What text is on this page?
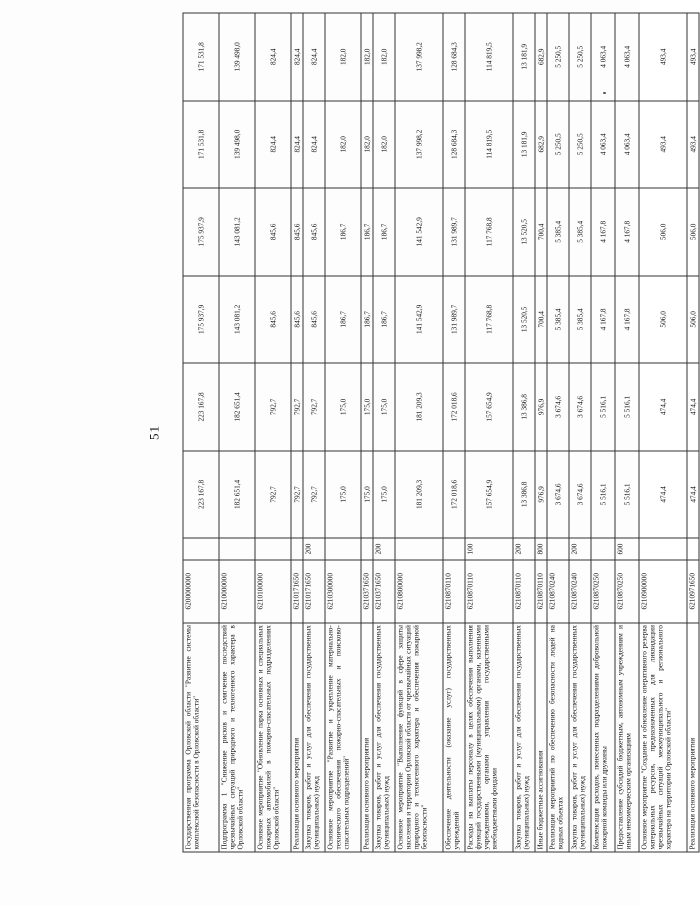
51
Государственная программа Орловской области "Развитие системы комплексной безопасности в Орловской области"	6200000000		223 167,8	223 167,8	175 937,9	175 937,9	171 531,8	171 531,8
Подпрограмма 1 "Снижение рисков и смягчение последствий чрезвычайных ситуаций природного и техногенного характера в Орловской области"	6210000000		182 651,4	182 651,4	143 081,2	143 081,2	139 498,0	139 498,0
Основное мероприятие "Обновление парка основных и специальных пожарных автомобилей в пожарно-спасательных подразделениях Орловской области"	6210100000		792,7	792,7	845,6	845,6	824,4	824,4
Реализация основного мероприятия	6210171650		792,7	792,7	845,6	845,6	824,4	824,4
Закупка товаров, работ и услуг для обеспечения государственных (муниципальных) нужд	6210171650	200	792,7	792,7	845,6	845,6	824,4	824,4
Основное мероприятие "Развитие и укрепление материально-технического обеспечения пожарно-спасательных и поисково-спасательных подразделений"	6210300000		175,0	175,0	186,7	186,7	182,0	182,0
Реализация основного мероприятия	6210371650		175,0	175,0	186,7	186,7	182,0	182,0
Закупка товаров, работ и услуг для обеспечения государственных (муниципальных) нужд	6210371650	200	175,0	175,0	186,7	186,7	182,0	182,0
Основное мероприятие "Выполнение функций в сфере защиты населения и территории Орловской области от чрезвычайных ситуаций природного и техногенного характера и обеспечения пожарной безопасности"	6210800000		181 209,3	181 209,3	141 542,9	141 542,9	137 998,2	137 998,2
Обеспечение деятельности (оказание услуг) государственных учреждений	6210870110		172 018,6	172 018,6	131 989,7	131 989,7	128 684,3	128 684,3
Расходы на выплаты персоналу в целях обеспечения выполнения функций государственными (муниципальными) органами, казенными учреждениями, органами управления государственными внебюджетными фондами	6210870110	100	157 654,9	157 654,9	117 768,8	117 768,8	114 819,5	114 819,5
Закупка товаров, работ и услуг для обеспечения государственных (муниципальных) нужд	6210870110	200	13 386,8	13 386,8	13 520,5	13 520,5	13 181,9	13 181,9
Иные бюджетные ассигнования	6210870110	800	976,9	976,9	700,4	700,4	682,9	682,9
Реализация мероприятий по обеспечению безопасности людей на водных объектах	6210870240		3 674,6	3 674,6	5 385,4	5 385,4	5 250,5	5 250,5
Закупка товаров, работ и услуг для обеспечения государственных (муниципальных) нужд	6210870240	200	3 674,6	3 674,6	5 385,4	5 385,4	5 250,5	5 250,5
Компенсация расходов, понесенных подразделениями добровольной пожарной команды или дружины	6210870250		5 516,1	5 516,1	4 167,8	4 167,8	4 063,4	4 063,4
Предоставление субсидий бюджетным, автономным учреждениям и иным некоммерческим организациям	6210870250	600	5 516,1	5 516,1	4 167,8	4 167,8	4 063,4	4 063,4
Основное мероприятие "Создание и обновление оперативного резерва материальных ресурсов, предназначенных для ликвидации чрезвычайных ситуаций межмуниципального и регионального характера на территории Орловской области"	6210900000		474,4	474,4	506,0	506,0	493,4	493,4
Реализация основного мероприятия	6210971650		474,4	474,4	506,0	506,0	493,4	493,4
